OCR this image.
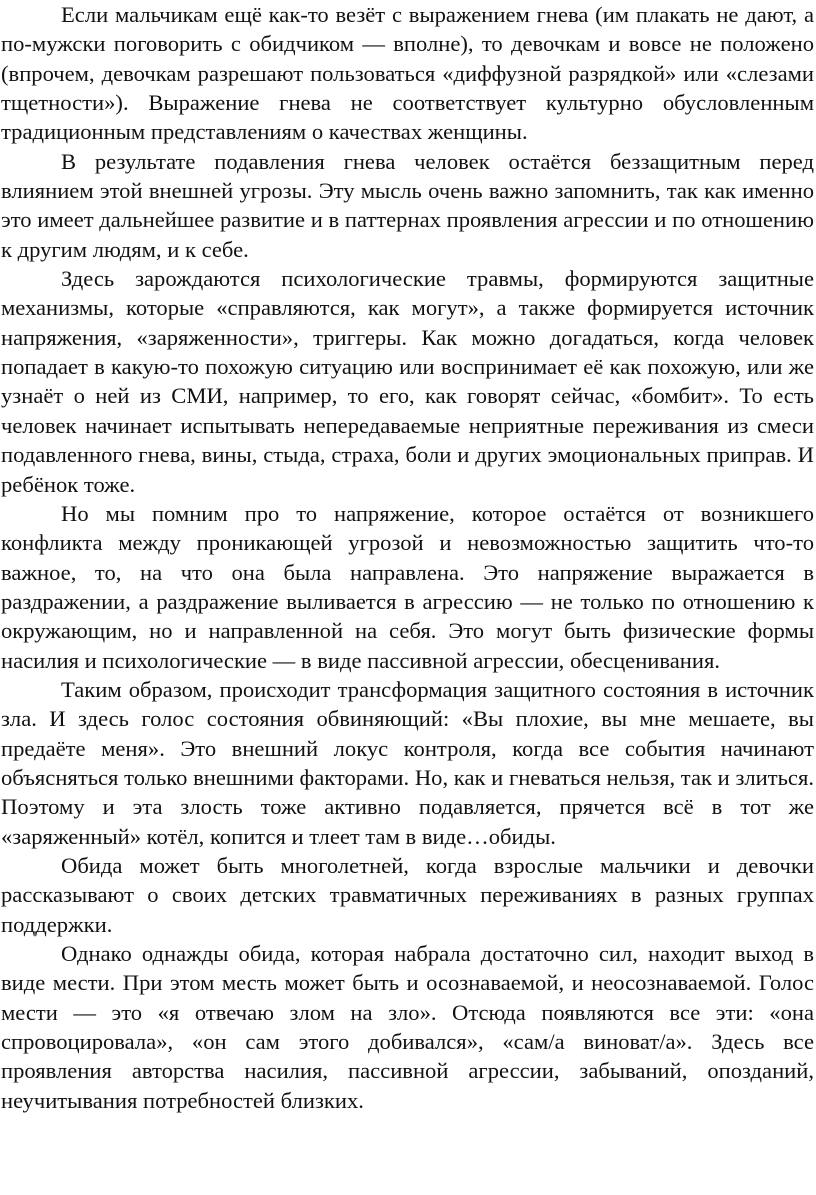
Если мальчикам ещё как-то везёт с выражением гнева (им плакать не дают, а по-мужски поговорить с обидчиком — вполне), то девочкам и вовсе не положено (впрочем, девочкам разрешают пользоваться «диффузной разрядкой» или «слезами тщетности»). Выражение гнева не соответствует культурно обусловленным традиционным представлениям о качествах женщины.

В результате подавления гнева человек остаётся беззащитным перед влиянием этой внешней угрозы. Эту мысль очень важно запомнить, так как именно это имеет дальнейшее развитие и в паттернах проявления агрессии и по отношению к другим людям, и к себе.

Здесь зарождаются психологические травмы, формируются защитные механизмы, которые «справляются, как могут», а также формируется источник напряжения, «заряженности», триггеры. Как можно догадаться, когда человек попадает в какую-то похожую ситуацию или воспринимает её как похожую, или же узнаёт о ней из СМИ, например, то его, как говорят сейчас, «бомбит». То есть человек начинает испытывать непередаваемые неприятные переживания из смеси подавленного гнева, вины, стыда, страха, боли и других эмоциональных приправ. И ребёнок тоже.

Но мы помним про то напряжение, которое остаётся от возникшего конфликта между проникающей угрозой и невозможностью защитить что-то важное, то, на что она была направлена. Это напряжение выражается в раздражении, а раздражение выливается в агрессию — не только по отношению к окружающим, но и направленной на себя. Это могут быть физические формы насилия и психологические — в виде пассивной агрессии, обесценивания.

Таким образом, происходит трансформация защитного состояния в источник зла. И здесь голос состояния обвиняющий: «Вы плохие, вы мне мешаете, вы предаёте меня». Это внешний локус контроля, когда все события начинают объясняться только внешними факторами. Но, как и гневаться нельзя, так и злиться. Поэтому и эта злость тоже активно подавляется, прячется всё в тот же «заряженный» котёл, копится и тлеет там в виде…обиды.

Обида может быть многолетней, когда взрослые мальчики и девочки рассказывают о своих детских травматичных переживаниях в разных группах поддержки.

Однако однажды обида, которая набрала достаточно сил, находит выход в виде мести. При этом месть может быть и осознаваемой, и неосознаваемой. Голос мести — это «я отвечаю злом на зло». Отсюда появляются все эти: «она спровоцировала», «он сам этого добивался», «сам/а виноват/а». Здесь все проявления авторства насилия, пассивной агрессии, забываний, опозданий, неучитывания потребностей близких.
